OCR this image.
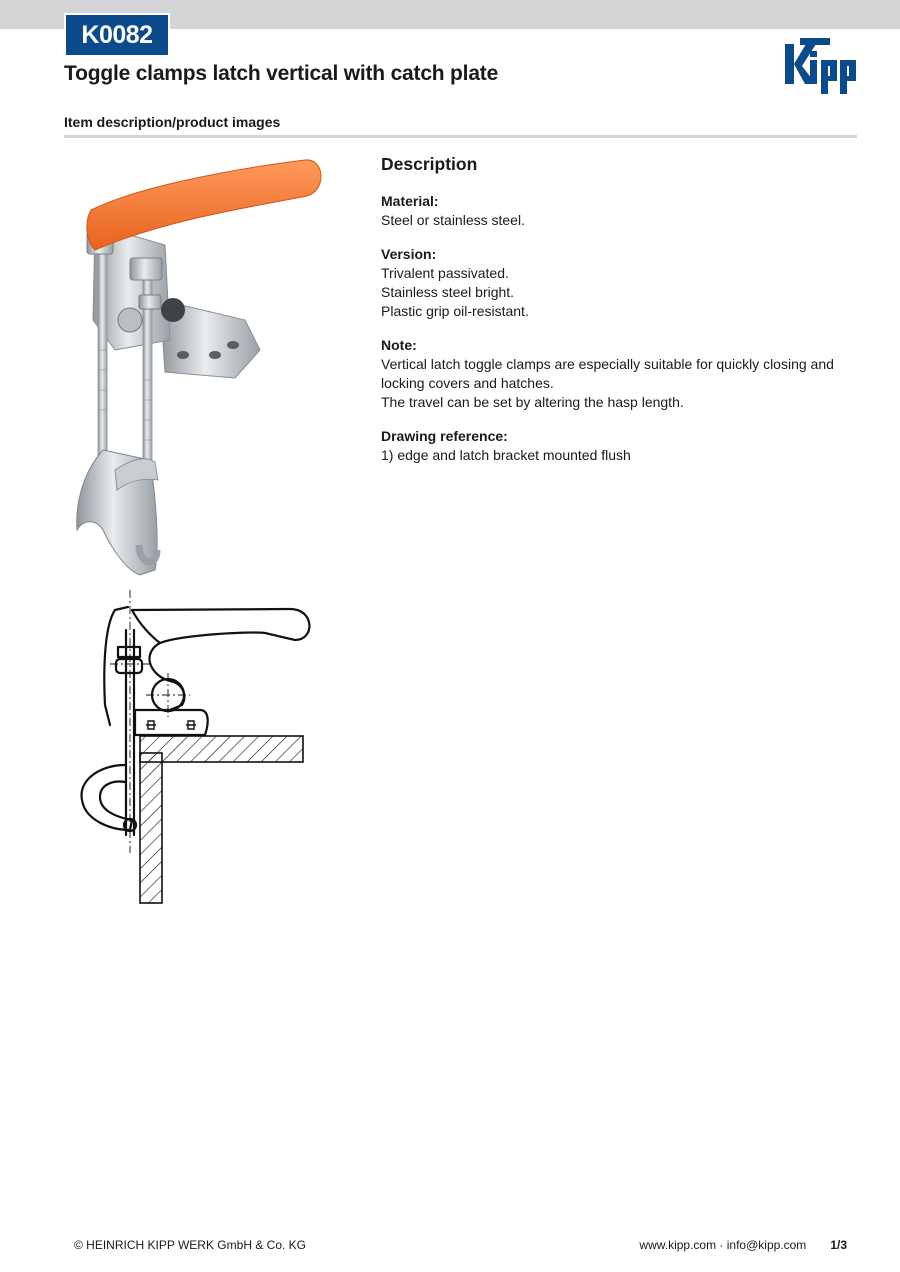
K0082
Toggle clamps latch vertical with catch plate
Item description/product images
Description
Material:
Steel or stainless steel.
Version:
Trivalent passivated.
Stainless steel bright.
Plastic grip oil-resistant.
Note:
Vertical latch toggle clamps are especially suitable for quickly closing and locking covers and hatches.
The travel can be set by altering the hasp length.
Drawing reference:
1) edge and latch bracket mounted flush
© HEINRICH KIPP WERK GmbH & Co. KG	www.kipp.com · info@kipp.com 1/3
